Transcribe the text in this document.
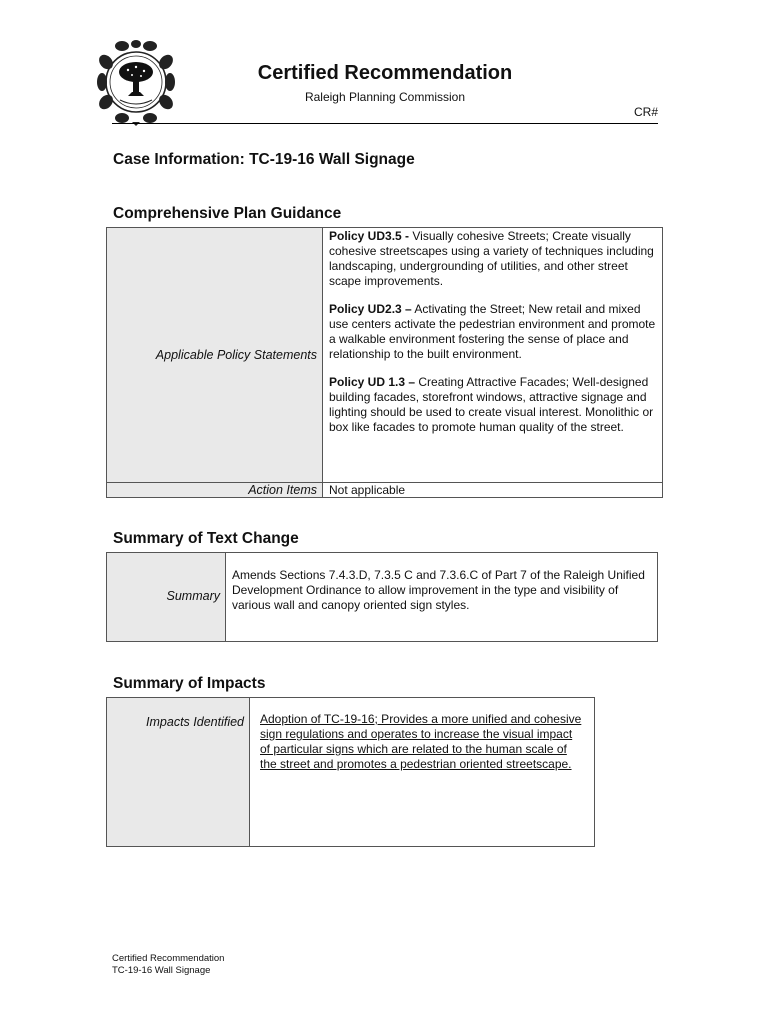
Certified Recommendation
Raleigh Planning Commission
CR#
Case Information: TC-19-16 Wall Signage
Comprehensive Plan Guidance
Applicable Policy Statements	Policy UD3.5 - Visually cohesive Streets; Create visually cohesive streetscapes using a variety of techniques including landscaping, undergrounding of utilities, and other street scape improvements.

Policy UD2.3 – Activating the Street; New retail and mixed use centers activate the pedestrian environment and promote a walkable environment fostering the sense of place and relationship to the built environment.

Policy UD 1.3 – Creating Attractive Facades; Well-designed building facades, storefront windows, attractive signage and lighting should be used to create visual interest. Monolithic or box like facades to promote human quality of the street.

Action Items	Not applicable
Summary of Text Change
Summary	Amends Sections 7.4.3.D, 7.3.5 C and 7.3.6.C of Part 7 of the Raleigh Unified Development Ordinance to allow improvement in the type and visibility of various wall and canopy oriented sign styles.
Summary of Impacts
Impacts Identified	Adoption of TC-19-16; Provides a more unified and cohesive sign regulations and operates to increase the visual impact of particular signs which are related to the human scale of the street and promotes a pedestrian oriented streetscape.
Certified Recommendation
TC-19-16 Wall Signage
